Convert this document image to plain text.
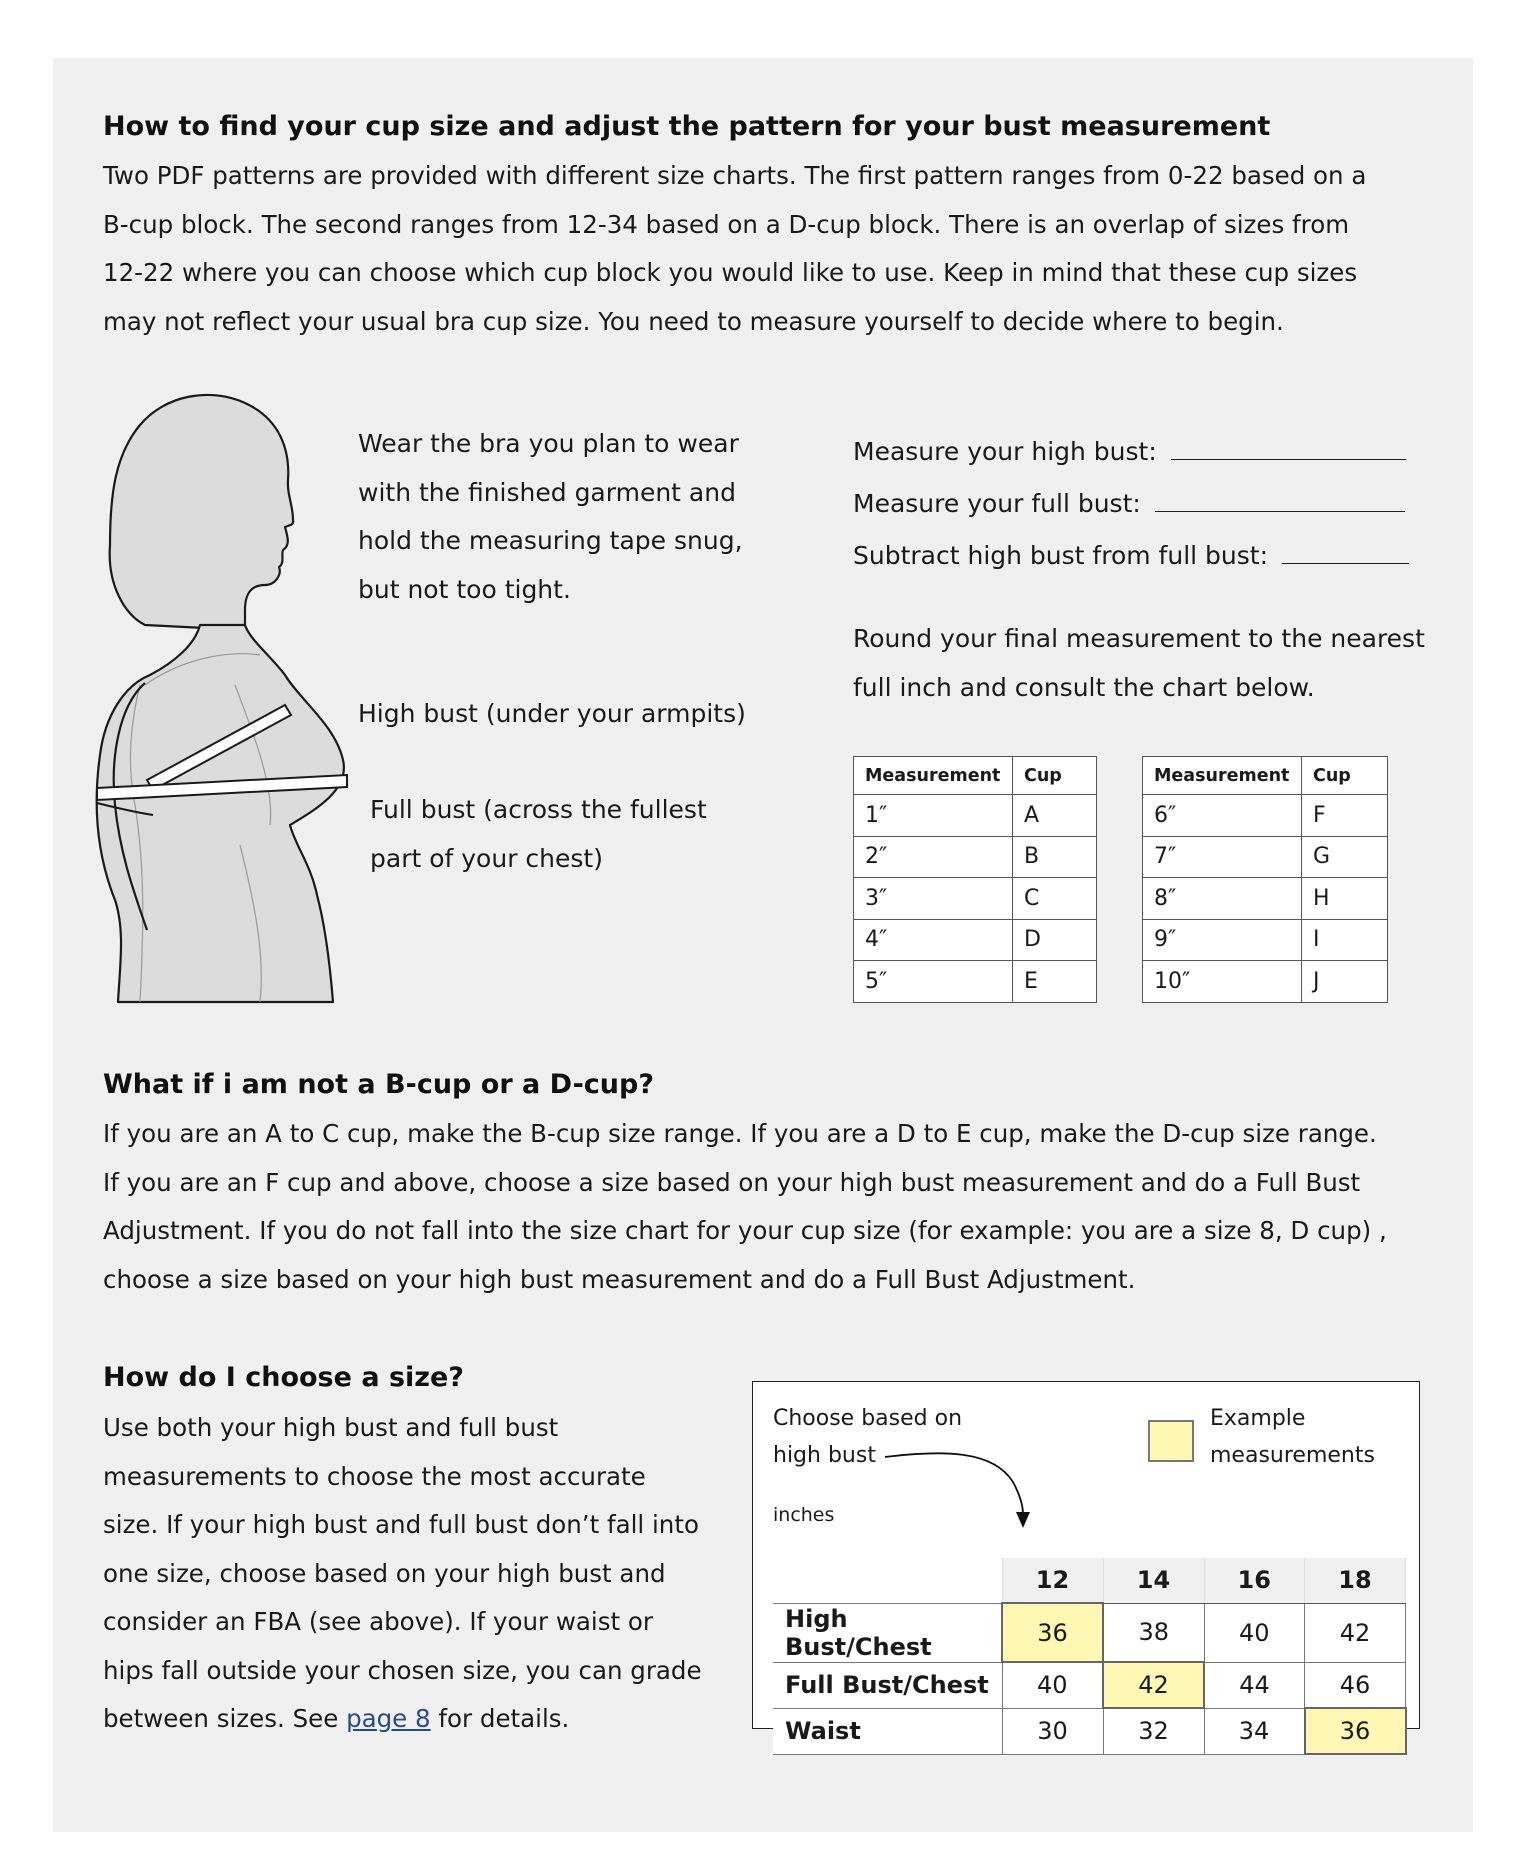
How to find your cup size and adjust the pattern for your bust measurement

Two PDF patterns are provided with different size charts. The first pattern ranges from 0-22 based on a

B-cup block. The second ranges from 12-34 based on a D-cup block. There is an overlap of sizes from

12-22 where you can choose which cup block you would like to use. Keep in mind that these cup sizes

may not reflect your usual bra cup size. You need to measure yourself to decide where to begin.

Wear the bra you plan to wear
with the finished garment and
hold the measuring tape snug,
but not too tight.
High bust (under your armpits)
Full bust (across the fullest
part of your chest)
Measure your high bust:
Measure your full bust:
Subtract high bust from full bust:
Round your final measurement to the nearest
full inch and consult the chart below.
Measurement	Cup
1″	A
2″	B
3″	C
4″	D
5″	E
Measurement	Cup
6″	F
7″	G
8″	H
9″	I
10″	J
What if i am not a B-cup or a D-cup?

If you are an A to C cup, make the B-cup size range. If you are a D to E cup, make the D-cup size range.

If you are an F cup and above, choose a size based on your high bust measurement and do a Full Bust

Adjustment. If you do not fall into the size chart for your cup size (for example: you are a size 8, D cup) ,

choose a size based on your high bust measurement and do a Full Bust Adjustment.

How do I choose a size?

Use both your high bust and full bust

measurements to choose the most accurate

size. If your high bust and full bust don’t fall into

one size, choose based on your high bust and

consider an FBA (see above). If your waist or

hips fall outside your chosen size, you can grade

between sizes. See page 8 for details.

Choose based on
high bust
inches
Example
measurements
	12	14	16	18
High Bust/Chest	36	38	40	42
Full Bust/Chest	40	42	44	46
Waist	30	32	34	36
